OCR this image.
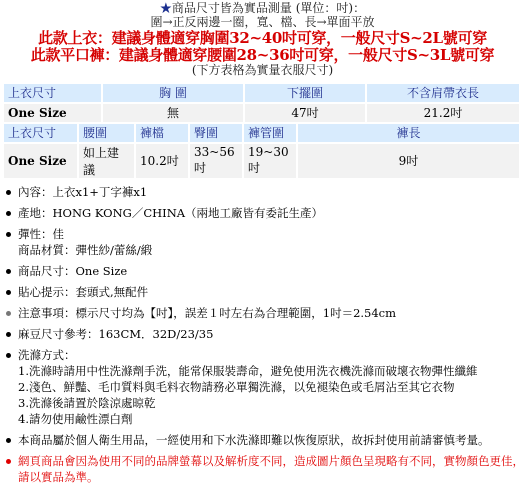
★商品尺寸皆為實品測量 (單位：吋)：
圍→正反兩邊一圈，寬、檔、長→單面平放
此款上衣：建議身體適穿胸圍32~40吋可穿，一般尺寸S~2L號可穿
此款平口褲：建議身體適穿腰圍28~36吋可穿，一般尺寸S~3L號可穿
(下方表格為實量衣服尺寸)
上衣尺寸	胸 圍	下擺圍	不含肩帶衣長
One Size	無	47吋	21.2吋
上衣尺寸	腰圍	褲檔	臀圍	褲管圍	褲長
One Size	如上建議	10.2吋	33~56吋	19~30吋	9吋
內容：上衣x1+丁字褲x1
產地：HONG KONG／CHINA（兩地工廠皆有委託生產）
彈性：佳
商品材質：彈性紗/蕾絲/緞
商品尺寸：One Size
貼心提示：套頭式,無配件
注意事項：標示尺寸均為【吋】，誤差１吋左右為合理範圍，1吋＝2.54cm
麻豆尺寸參考：163CM．32D/23/35
洗滌方式：
1.洗滌時請用中性洗滌劑手洗，能常保服裝壽命，避免使用洗衣機洗滌而破壞衣物彈性纖維
2.淺色、鮮豔、毛巾質料與毛料衣物請務必單獨洗滌，以免褪染色或毛屑沾至其它衣物
3.洗滌後請置於陰涼處晾乾
4.請勿使用鹼性漂白劑
本商品屬於個人衛生用品，一經使用和下水洗滌即難以恢復原狀，故拆封使用前請審慎考量。
網頁商品會因為使用不同的品牌螢幕以及解析度不同，造成圖片顏色呈現略有不同，實物顏色更佳，請以實品為準。
